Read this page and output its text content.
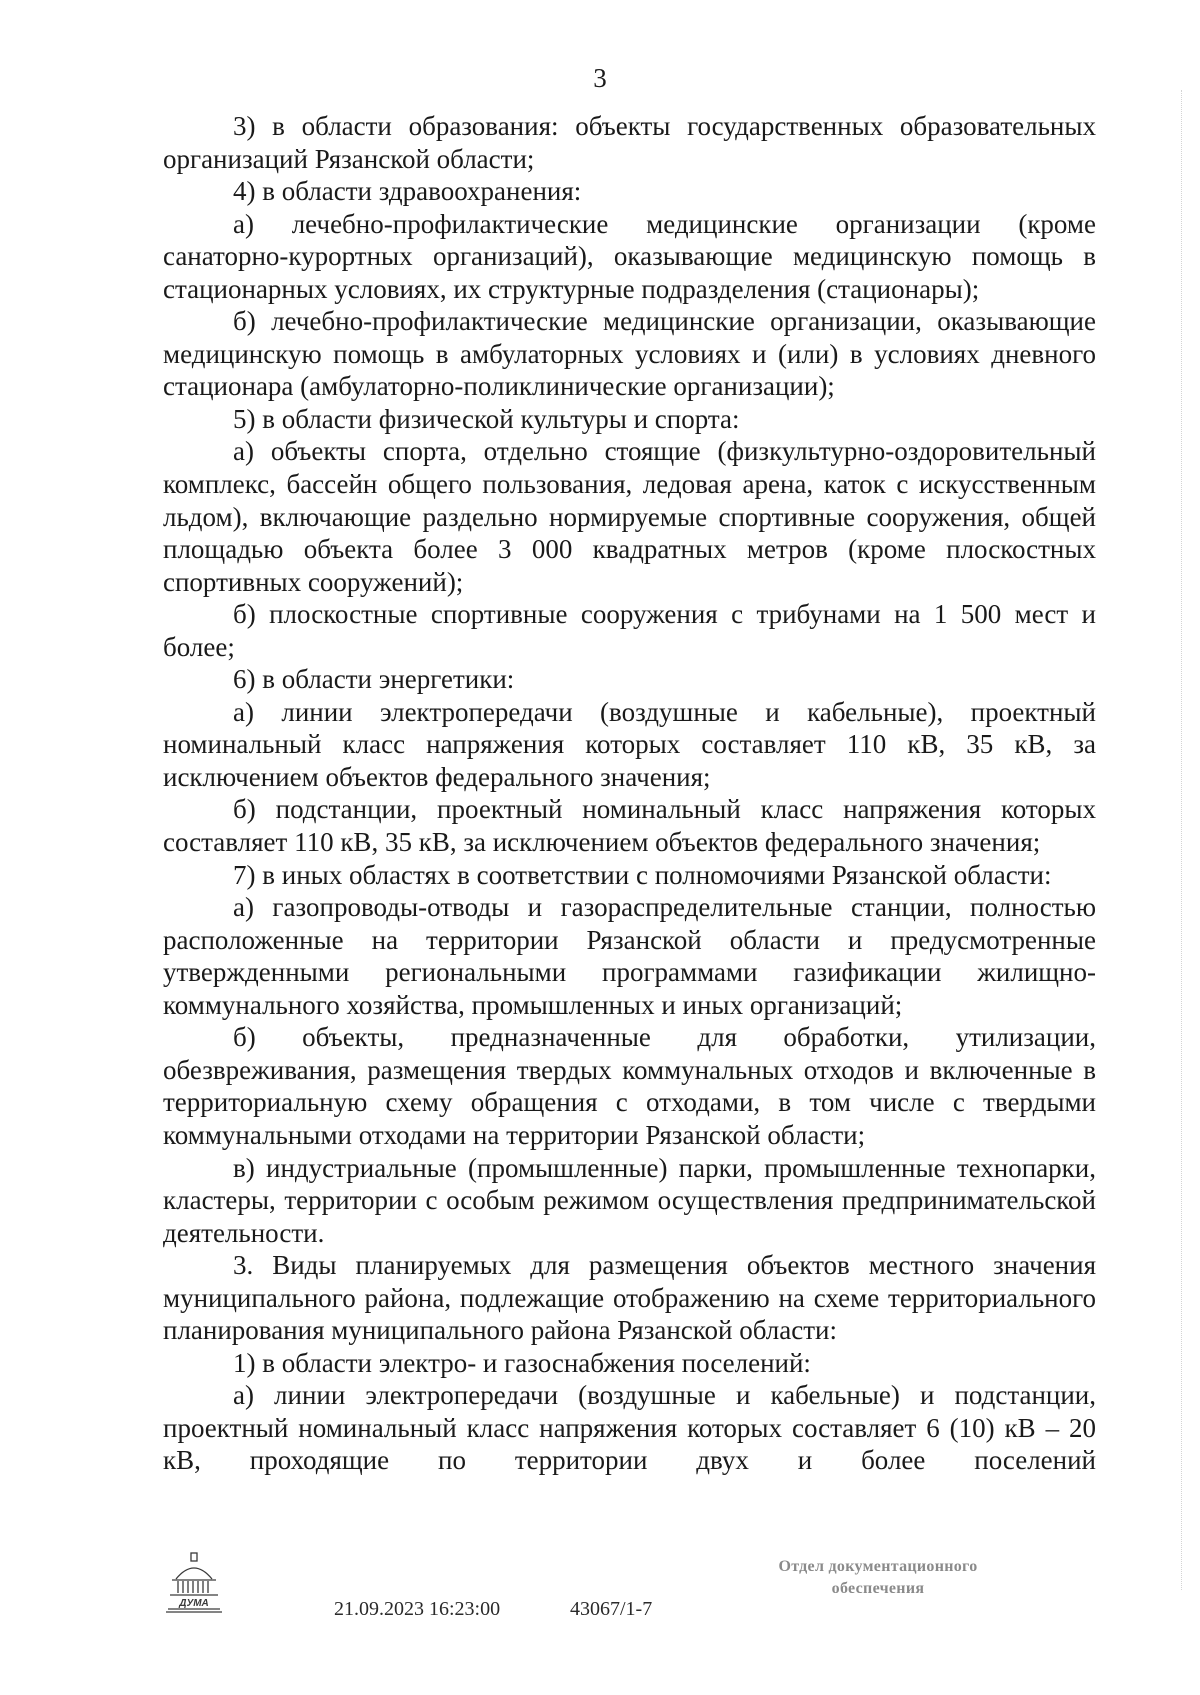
3

3) в области образования: объекты государственных образовательных организаций Рязанской области;

4) в области здравоохранения:

а) лечебно-профилактические медицинские организации (кроме санаторно-курортных организаций), оказывающие медицинскую помощь в стационарных условиях, их структурные подразделения (стационары);

б) лечебно-профилактические медицинские организации, оказывающие медицинскую помощь в амбулаторных условиях и (или) в условиях дневного стационара (амбулаторно-поликлинические организации);

5) в области физической культуры и спорта:

а) объекты спорта, отдельно стоящие (физкультурно-оздоровительный комплекс, бассейн общего пользования, ледовая арена, каток с искусственным льдом), включающие раздельно нормируемые спортивные сооружения, общей площадью объекта более 3 000 квадратных метров (кроме плоскостных спортивных сооружений);

б) плоскостные спортивные сооружения с трибунами на 1 500 мест и более;

6) в области энергетики:

а) линии электропередачи (воздушные и кабельные), проектный номинальный класс напряжения которых составляет 110 кВ, 35 кВ, за исключением объектов федерального значения;

б) подстанции, проектный номинальный класс напряжения которых составляет 110 кВ, 35 кВ, за исключением объектов федерального значения;

7) в иных областях в соответствии с полномочиями Рязанской области:

а) газопроводы-отводы и газораспределительные станции, полностью расположенные на территории Рязанской области и предусмотренные утвержденными региональными программами газификации жилищно-коммунального хозяйства, промышленных и иных организаций;

б) объекты, предназначенные для обработки, утилизации, обезвреживания, размещения твердых коммунальных отходов и включенные в территориальную схему обращения с отходами, в том числе с твердыми коммунальными отходами на территории Рязанской области;

в) индустриальные (промышленные) парки, промышленные технопарки, кластеры, территории с особым режимом осуществления предпринимательской деятельности.

3. Виды планируемых для размещения объектов местного значения муниципального района, подлежащие отображению на схеме территориального планирования муниципального района Рязанской области:

1) в области электро- и газоснабжения поселений:

а) линии электропередачи (воздушные и кабельные) и подстанции, проектный номинальный класс напряжения которых составляет 6 (10) кВ – 20 кВ, проходящие по территории двух и более поселений

ДУМА	21.09.2023 16:23:00	43067/1-7
Отдел документационного
обеспечения
